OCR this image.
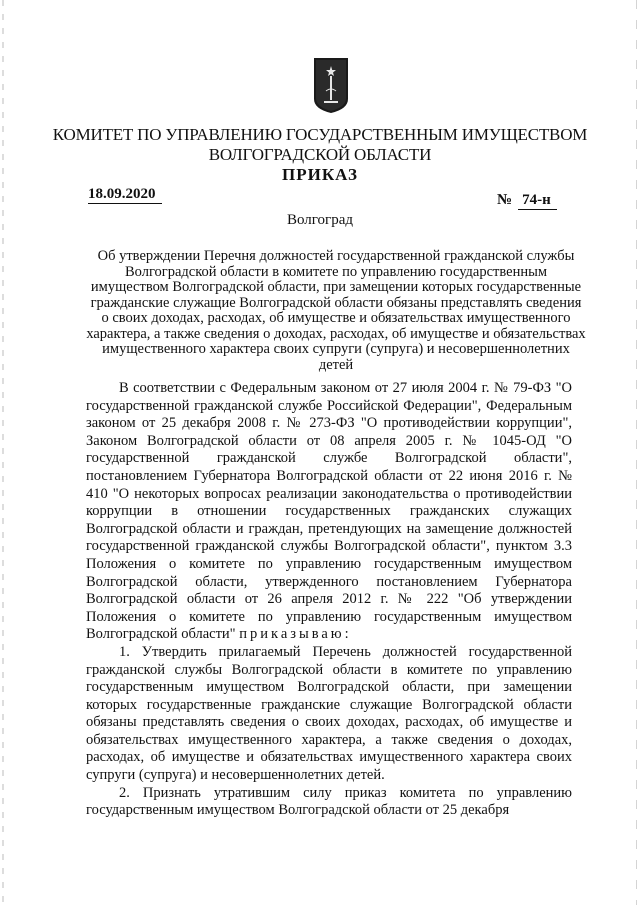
КОМИТЕТ ПО УПРАВЛЕНИЮ ГОСУДАРСТВЕННЫМ ИМУЩЕСТВОМ
ВОЛГОГРАДСКОЙ ОБЛАСТИ
ПРИКАЗ
18.09.2020	№ 74-н
Волгоград
Об утверждении Перечня должностей государственной гражданской службы Волгоградской области в комитете по управлению государственным имуществом Волгоградской области, при замещении которых государственные гражданские служащие Волгоградской области обязаны представлять сведения о своих доходах, расходах, об имуществе и обязательствах имущественного характера, а также сведения о доходах, расходах, об имуществе и обязательствах имущественного характера своих супруги (супруга) и несовершеннолетних детей

В соответствии с Федеральным законом от 27 июля 2004 г. № 79-ФЗ "О государственной гражданской службе Российской Федерации", Федеральным законом от 25 декабря 2008 г. № 273-ФЗ "О противодействии коррупции", Законом Волгоградской области от 08 апреля 2005 г. № 1045-ОД "О государственной гражданской службе Волгоградской области", постановлением Губернатора Волгоградской области от 22 июня 2016 г. № 410 "О некоторых вопросах реализации законодательства о противодействии коррупции в отношении государственных гражданских служащих Волгоградской области и граждан, претендующих на замещение должностей государственной гражданской службы Волгоградской области", пунктом 3.3 Положения о комитете по управлению государственным имуществом Волгоградской области, утвержденного постановлением Губернатора Волгоградской области от 26 апреля 2012 г. № 222 "Об утверждении Положения о комитете по управлению государственным имуществом Волгоградской области" приказываю:

1. Утвердить прилагаемый Перечень должностей государственной гражданской службы Волгоградской области в комитете по управлению государственным имуществом Волгоградской области, при замещении которых государственные гражданские служащие Волгоградской области обязаны представлять сведения о своих доходах, расходах, об имуществе и обязательствах имущественного характера, а также сведения о доходах, расходах, об имуществе и обязательствах имущественного характера своих супруги (супруга) и несовершеннолетних детей.

2. Признать утратившим силу приказ комитета по управлению государственным имуществом Волгоградской области от 25 декабря
